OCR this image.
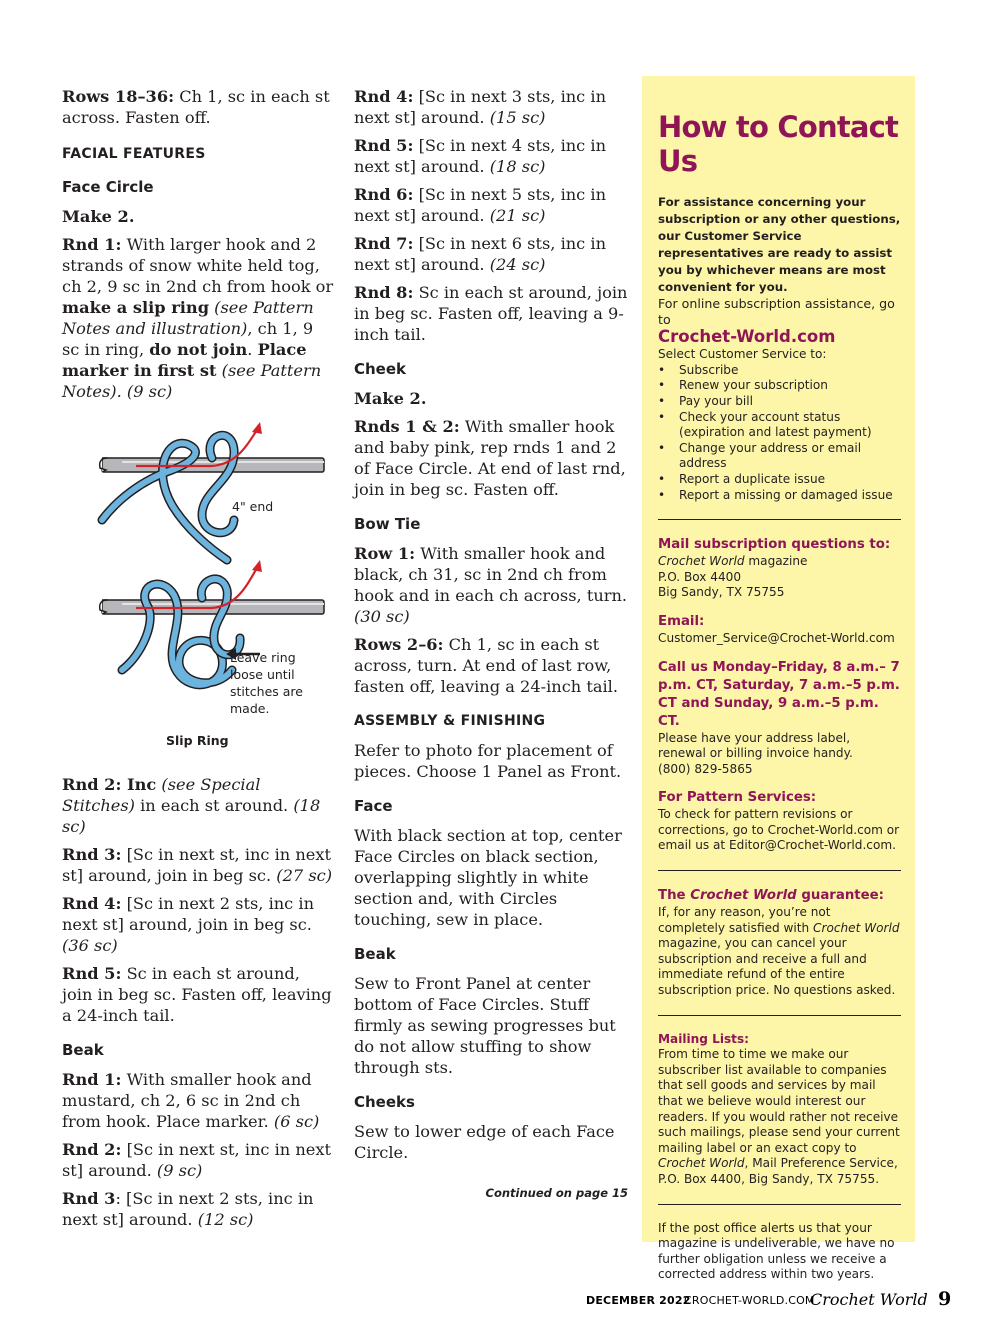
Rows 18–36: Ch 1, sc in each st across. Fasten off.

FACIAL FEATURES
Face Circle

Make 2.

Rnd 1: With larger hook and 2 strands of snow white held tog, ch 2, 9 sc in 2nd ch from hook or make a slip ring (see Pattern Notes and illustration), ch 1, 9 sc in ring, do not join. Place marker in first st (see Pattern Notes). (9 sc)

4" end
Leave ring loose until stitches are made.
Slip Ring

Rnd 2: Inc (see Special Stitches) in each st around. (18 sc)

Rnd 3: [Sc in next st, inc in next st] around, join in beg sc. (27 sc)

Rnd 4: [Sc in next 2 sts, inc in next st] around, join in beg sc. (36 sc)

Rnd 5: Sc in each st around, join in beg sc. Fasten off, leaving a 24-inch tail.

Beak

Rnd 1: With smaller hook and mustard, ch 2, 6 sc in 2nd ch from hook. Place marker. (6 sc)

Rnd 2: [Sc in next st, inc in next st] around. (9 sc)

Rnd 3: [Sc in next 2 sts, inc in next st] around. (12 sc)

Rnd 4: [Sc in next 3 sts, inc in next st] around. (15 sc)

Rnd 5: [Sc in next 4 sts, inc in next st] around. (18 sc)

Rnd 6: [Sc in next 5 sts, inc in next st] around. (21 sc)

Rnd 7: [Sc in next 6 sts, inc in next st] around. (24 sc)

Rnd 8: Sc in each st around, join in beg sc. Fasten off, leaving a 9-inch tail.

Cheek

Make 2.

Rnds 1 & 2: With smaller hook and baby pink, rep rnds 1 and 2 of Face Circle. At end of last rnd, join in beg sc. Fasten off.

Bow Tie

Row 1: With smaller hook and black, ch 31, sc in 2nd ch from hook and in each ch across, turn. (30 sc)

Rows 2–6: Ch 1, sc in each st across, turn. At end of last row, fasten off, leaving a 24-inch tail.

ASSEMBLY & FINISHING

Refer to photo for placement of pieces. Choose 1 Panel as Front.

Face

With black section at top, center Face Circles on black section, overlapping slightly in white section and, with Circles touching, sew in place.

Beak

Sew to Front Panel at center bottom of Face Circles. Stuff firmly as sewing progresses but do not allow stuffing to show through sts.

Cheeks

Sew to lower edge of each Face Circle.

Continued on page 15
How to Contact Us

For assistance concerning your subscription or any other questions, our Customer Service representatives are ready to assist you by whichever means are most convenient for you.

For online subscription assistance, go to

Crochet-World.com

Select Customer Service to:

• Subscribe
• Renew your subscription
• Pay your bill
• Check your account status (expiration and latest payment)
• Change your address or email address
• Report a duplicate issue
• Report a missing or damaged issue

Mail subscription questions to:

Crochet World magazine

P.O. Box 4400

Big Sandy, TX 75755

Email:

Customer_Service@Crochet-World.com

Call us Monday–Friday, 8 a.m.– 7 p.m. CT, Saturday, 7 a.m.–5 p.m. CT and Sunday, 9 a.m.–5 p.m. CT.

Please have your address label, renewal or billing invoice handy.

(800) 829-5865

For Pattern Services:

To check for pattern revisions or corrections, go to Crochet-World.com or email us at Editor@Crochet-World.com.

The Crochet World guarantee:

If, for any reason, you’re not completely satisfied with Crochet World magazine, you can cancel your subscription and receive a full and immediate refund of the entire subscription price. No questions asked.

Mailing Lists:

From time to time we make our subscriber list available to companies that sell goods and services by mail that we believe would interest our readers. If you would rather not receive such mailings, please send your current mailing label or an exact copy to Crochet World, Mail Preference Service, P.O. Box 4400, Big Sandy, TX 75755.

If the post office alerts us that your magazine is undeliverable, we have no further obligation unless we receive a corrected address within two years.

DECEMBER 2022
CROCHET-WORLD.COM
Crochet World 9
